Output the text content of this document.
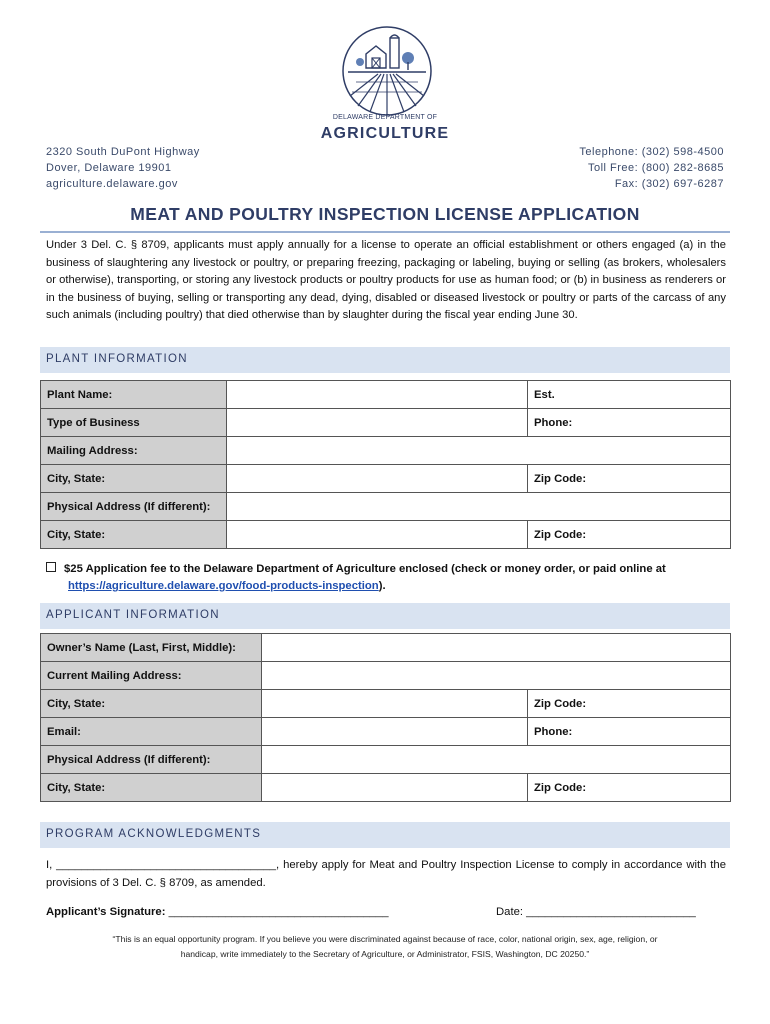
2320 South DuPont Highway
Dover, Delaware 19901
agriculture.delaware.gov
DELAWARE DEPARTMENT OF
AGRICULTURE
Telephone: (302) 598-4500
Toll Free: (800) 282-8685
Fax: (302) 697-6287
MEAT AND POULTRY INSPECTION LICENSE APPLICATION
Under 3 Del. C. § 8709, applicants must apply annually for a license to operate an official establishment or others engaged (a) in the business of slaughtering any livestock or poultry, or preparing freezing, packaging or labeling, buying or selling (as brokers, wholesalers or otherwise), transporting, or storing any livestock products or poultry products for use as human food; or (b) in business as renderers or in the business of buying, selling or transporting any dead, dying, disabled or diseased livestock or poultry or parts of the carcass of any such animals (including poultry) that died otherwise than by slaughter during the fiscal year ending June 30.
PLANT INFORMATION
Plant Name:		Est.
Type of Business		Phone:
Mailing Address:		
City, State:		Zip Code:
Physical Address (If different):		
City, State:		Zip Code:
$25 Application fee to the Delaware Department of Agriculture enclosed (check or money order, or paid online at
https://agriculture.delaware.gov/food-products-inspection).
APPLICANT INFORMATION
Owner’s Name (Last, First, Middle):		
Current Mailing Address:		
City, State:		Zip Code:
Email:		Phone:
Physical Address (If different):		
City, State:		Zip Code:
PROGRAM ACKNOWLEDGMENTS
I, ___________________________________, hereby apply for Meat and Poultry Inspection License to comply in accordance with the provisions of 3 Del. C. § 8709, as amended.
Applicant’s Signature: ___________________________________	Date: ___________________________
“This is an equal opportunity program. If you believe you were discriminated against because of race, color, national origin, sex, age, religion, or
handicap, write immediately to the Secretary of Agriculture, or Administrator, FSIS, Washington, DC 20250.”
